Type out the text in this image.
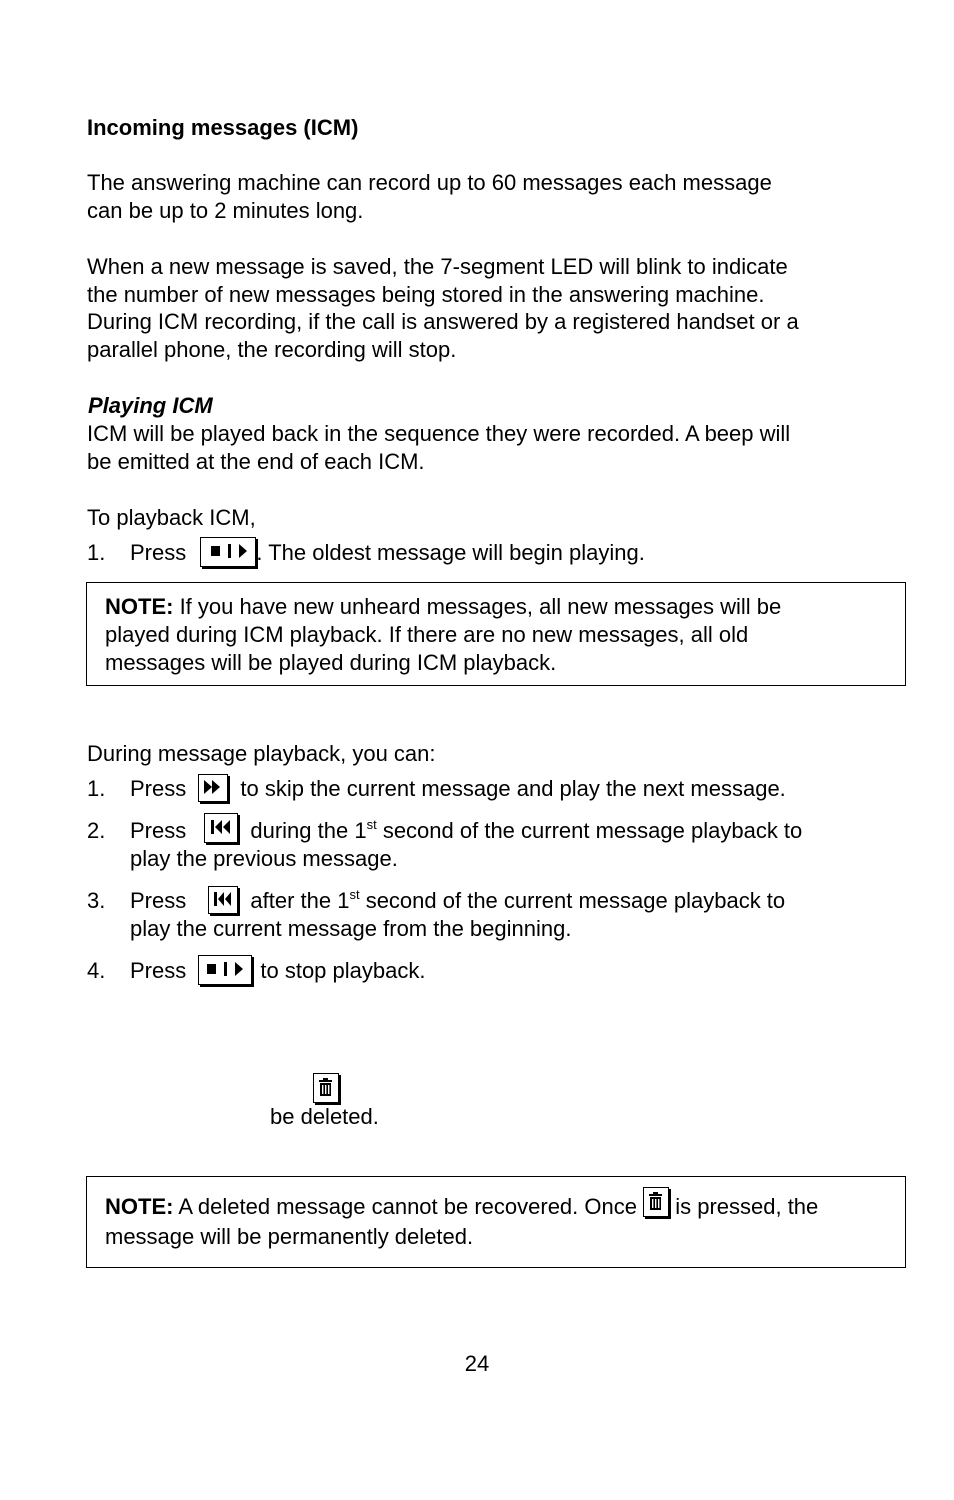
Incoming messages (ICM)
The answering machine can record up to 60 messages each message
can be up to 2 minutes long.
When a new message is saved, the 7-segment LED will blink to indicate
the number of new messages being stored in the answering machine.
During ICM recording, if the call is answered by a registered handset or a
parallel phone, the recording will stop.
Playing ICM
ICM will be played back in the sequence they were recorded. A beep will
be emitted at the end of each ICM.
To playback ICM,
1. Press	. The oldest message will begin playing.
NOTE: If you have new unheard messages, all new messages will be
played during ICM playback. If there are no new messages, all old
messages will be played during ICM playback.
During message playback, you can:
1. Press to skip the current message and play the next message.
2. Press	during the 1st second of the current message playback to
play the previous message.
3. Press	after the 1st second of the current message playback to
play the current message from the beginning.
4. Press	to stop playback.
be deleted.
NOTE: A deleted message cannot be recovered. Once
is pressed, the
message will be permanently deleted.
24
